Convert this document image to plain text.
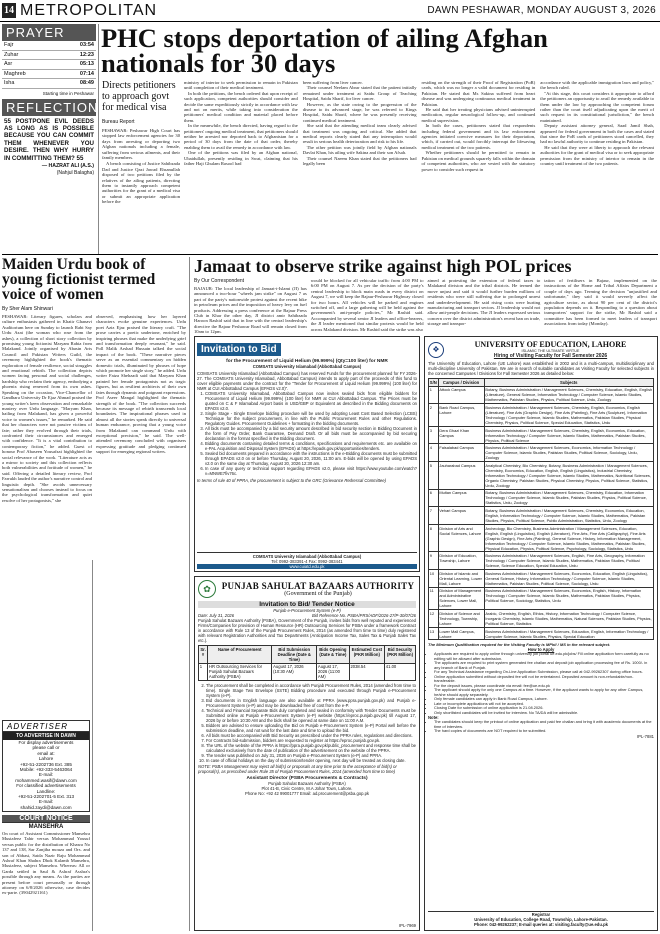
14 METROPOLITAN	DAWN PESHAWAR, MONDAY AUGUST 3, 2026
PRAYER
Fajr	03:54
Zuhar	12:23
Asr	05:13
Maghreb	07:14
Isha	08:49
Starting time in Peshawar
REFLECTIONS
55 POSTPONE EVIL DEEDS AS LONG AS IS POSSIBLE BECAUSE YOU CAN COMMIT THEM WHENEVER YOU DESIRE. THEN WHY HURRY IN COMMITTING THEM? 55
— HAZRAT ALI (A.S.)
(Nahjul Balagha)
PHC stops deportation of ailing Afghan nationals for 30 days
Directs petitioners to approach govt for medical visa
Bureau Report
PESHAWAR: Peshawar High Court has stopped law enforcement agencies for 30 days from arresting or deporting two Afghan nationals including a female, suffering from serious ailments, and their family members.
A bench consisting of Justice Sahibzada Dad and Justice Qazi Jawad Ehsanullah disposed of two petitions filed by the relatives of the ailing patients, directing them to instantly approach competent authorities for the grant of a medical visa or submit an appropriate application before the
ministry of interior to seek permission to remain in Pakistan until completion of their medical treatment.
In both the petitions, the bench ordered that upon receipt of such application, competent authorities should consider and decide the same expeditiously strictly in accordance with law and not on merits, while taking into consideration the petitioners' medical condition and material placed before them.
In the meanwhile, the bench directed, having regard to the petitioners' ongoing medical treatment, that petitioners should neither be arrested nor deported back to Afghanistan for a period of 30 days from the date of that order, thereby enabling them to avail the remedy in accordance with law.
One of the petitions was filed by an Afghan national, Ubaidullah, presently residing in Swat, claiming that his father Haji Ghulam Rasool had
been suffering from liver cancer.
Their counsel Neelam Abrar stated that the patient initially remained under treatment at Saidu Group of Teaching Hospital, Saidu Sharif, for liver cancer.
However, as the state owing to the progression of the disease to its advanced stage, he was referred to Kings Hospital, Saidu Sharif, where he was presently receiving continued medical treatment.
She said that the attending medical team clearly advised that treatment was ongoing and critical. She added that medical reports clearly stated that any interruption would result in serious health deterioration and risk to his life.
The other petition was jointly field by Afghan nationals Davlat Khan, his ailing wife Sakina and their son Afsah.
Their counsel Naeem Khan stated that the petitioners had legally been
residing on the strength of their Proof of Registration (PoR) cards, which was no longer a valid document for residing in Pakistan. He stated that Ms Sakina suffered from heart disease and was undergoing continuous medical treatment in Pakistan.
He said that her treating physicians advised uninterrupted medication, regular neurological follow-up, and continued medical supervision.
In both the cases, petitioners stated that respondents including federal government and its law enforcement agencies initiated coercive measures for their deportation, which, if carried out, would forcibly interrupt the lifesaving medical treatment of the two patients.
Whether petitioners should be permitted to remain in Pakistan on medical grounds squarely falls within the domain of competent authorities, who are vested with the statutory power to consider such request in
accordance with the applicable immigration laws and policy," the bench ruled.
"At this stage, this court considers it appropriate to afford the petitioners an opportunity to avail the remedy available to them under the law by approaching the competent forum rather than the court itself adjudicating upon the merit of such request in its constitutional jurisdiction," the bench maintained.
Deputy assistant attorney general, Saad Jamil Shah, appeared for federal government in both the cases and stated that since the PoR cards of petitioners stood cancelled, they had no lawful authority to continue residing in Pakistan.
He said that they were at liberty to approach the relevant authorities for the grant of medical visa or to seek appropriate permission from the ministry of interior to remain in the country until treatment of the two patients.
Maiden Urdu book of young fictionist termed voice of women
By Sher Alam Shinwari
PESHAWAR: Literary figures, scholars and culture enthusiasts gathered in Khatir Ghanavi Auditorium here on Sunday to launch Rabi Say Urdu Azat (the woman who rose from the ashes), a collection of short story collection by promising young fictionist Maryam Rabia from Malakand. Jointly organised by Abasin Arts Council and Pakistan Writers Guild, the ceremony highlighted the book's thematic exploration of female resilience, social struggles and emotional rebirth. The collection depicts women facing personal and social challenges, hardship who reclaim their agency, embodying a phoenix rising renewed from its own ashes. Speaking on the occasion, Vice-Chancellor of Gandhara University Dr Ejaz Ahmad praised the young writer's keen observation and remarkable mastery over Urdu language. "Maryam Khan, hailing from Malakand, has given a powerful voice to women's issues," he remarked. He said that her characters were not passive victims of fate; rather they evolved through their trials, confronted their circumstances and emerged with confidence. "It is a vital contribution to contemporary fiction," he added. Guest of honour Prof Abaseen Yousafzai highlighted the social relevance of the work. "Literature acts as a mirror to society and this collection reflects both vulnerabilities and fortitude of women," he said. Offering a detailed literary review, Prof Farrukh lauded the author's narrative control and linguistic depth. "She avoids unnecessary sensationalism and chooses instead to focus on the psychological transformation and quiet resolve of her protagonists," she
observed, emphasising how her layered characters evoke genuine experiences. Urdu poet Aziz Ejaz praised the literary craft. "The prose carries a poetic undertone, enriched by inspiring phrases that make the underlying grief and transformation deeply resonant," he said. Poll Malik Arshad Hussain talked the social impact of the book. "These narrative pieces serve as an essential commentary on hidden domestic trials, illuminated by phrases of hope which promote her single story," he added. Urdu writer Faiza Shehzadi said that Maryam Khan painted her female protagonists not as tragic figures, but as resilient architects of their own fates through dynamic and poignant expressions. Prof Aseer Mangal highlighted the thematic strength of the book. "The collection succeeds because its message of rebirth transcends local boundaries. The inspirational phrases used in almost all the stories speak directly to universal human endurance, proving that a young voice from Malakand can command Urdu with exceptional precision," he said. The well-attended ceremony concluded with organisers expressing gratitude and pledging continued support for emerging regional writers.
Jamaat to observe strike against high POL prices
By Our Correspondent
BAJAUR: The local leadership of Jamaat-i-Islami (JI) has announced a two-hour "wheels jam strike" on August 7 as part of the party's nationwide protest against the recent hike in petroleum prices and the imposition of heavy levy on fuel products. Addressing a press conference at the Bajaur Press Club in Khar the other day, JI district amir Sahibzada Haroon Rashid said that in line with the central leadership's directive the Bajaur Peshawar Road will remain closed from 10am to 12pm.
would be blocked for all vehicular traffic from 4:00 PM to 6:00 PM on August 7. As per the decision of the party's central leadership to block main roads in every district on August 7, we will keep the Bajaur-Peshawar Highway closed for two hours. All vehicles will be parked and engines switched off, and a large gathering will be held against the government's anti-people policies," Mr Rashid said. Accompanied by several senior JI leaders and office-bearers, the JI leader mentioned that similar protests would be held across Malakand division. Mr Rashid said the strike was also
aimed at protesting the extension of federal taxes to Malakand division and the tribal districts. He termed the move unjust and said it would further burden millions of residents who were still suffering due to prolonged unrest and underdevelopment. He said rising costs were hurting manufacturing and transport sectors. JI leadership would not allow anti-people decisions. The JI leaders expressed serious concern over the district administration's recent ban on trade, storage and transpor-
tation of fertilisers in Bajaur, implemented on the instructions of the Home and Tribal Affairs Department a couple of days ago. Terming the decision "unjustified and unfortunate," they said it would severely affect the agriculture sector, as about 90 per cent of the district's population depends on it. Responding to a question about transporters' support for the strike, Mr Rashid said a committee has been formed to meet leaders of transport associations from today (Monday).
Invitation to Bid
for the Procurement of Liquid Helium (99.999%) (Qty=100 liter) for NMR
COMSATS University Islamabad (Abbottabad Campus)
COMSATS University Islamabad (Abbottabad Campus) has reserved Funds for the procurement planned for FY 2026-27. The COMSATS University Islamabad, Abbottabad Campus) intends to apply part of the proceeds of this fund to cover eligible payments under the contract for the "Tender for Procurement of Liquid Helium (99.999%) (100 liter) for NMR at CUI Abbottabad Campus (EPADS v2.0)".
1. COMSATS University Islamabad, Abbottabad Campus now invites sealed bids from eligible bidders for Procurement of Liquid Helium (99.999%) (100 liter) for NMR at CUI Abbottabad Campus. The Prices must be quoted on C & F Islamabad Airport basis in USD/GBP or Equivalent as described in the Bidding documents on EPADS v2.0.
2. Single Stage - Single Envelope bidding procedure will be used by adopting Least Cost Based Selection (LCBS) Technique for the subject procurement, in line with the Public Procurement Rules and other Regulations. Regulatory Guides. Procurement Guidelines + formatting in the bidding documents.
3. All bids must be accompanied by a bid security amount described in bid security section in Bidding Document in the form of Pay Order, Bank Guarantee, Demand Draft. Or all bids must be accompanied by bid securing declaration in the format specified in the Bidding document.
4. Bidding documents containing detailed terms & conditions, specifications and requirements etc. are available on e-PAL Acquisition and Disposal System (EPADS) at https://epads.gov.pk/opportunities/tenders.
5. Sealed bid documents prepared in accordance with the instructions in the e-Bidding documents must be submitted through EPADS v2.0 on or before Thursday, August 20, 2026, 11:00 am. E-bids will be opened by using EPADS v2.0 on the same day at Thursday, August 20, 2026 12:30 am.
6. In case of any query or technical support regarding EPADS v2.0, please visit https://www.youtube.com/watch?v=MNWE7fiv76c.
In terms of rule 40 of PPRA, the procurement is subject to the GRC (Grievance Redressal Committee)
COMSATS University Islamabad (Abbottabad Campus)
Tel: 0992-383391-4 Fax: 0992-383441
www.cuiatd.edu.pk
✿	PUNJAB SAHULAT BAZAARS AUTHORITY
(Government of the Punjab)
Invitation to Bid/ Tender Notice
Punjab e-Procurement System (e-P)
Date: July 31, 2026	Bid Reference No. PSBA/PRS/ADF/2026-27/P-30/07/26
Punjab Sahulat Bazaars Authority (PSBA), Government of the Punjab, invites bids from well reputed and experienced Firms/Companies for provision of Human Resource (HR) Outsourcing Services for PSBA under a framework Contract in accordance with Rule 13 of the Punjab Procurement Rules, 2014 (as amended from time to time) duly registered with relevant Registration Authorities and Tax Departments (Anticipation Income Tax, Sales Tax & Punjab Sales Tax etc.).
Sr. #	Name of Procurement	Bid Submission Deadline (Date & Time)	Bids Opening (Date & Time)	Estimated Cost (PKR Million)	Bid Security (PKR Million)
1	HR Outsourcing Services for Punjab Sahulat Bazaars Authority (PSBA)	August 17, 2026 (10:30 AM)	August 17, 2026 (11:00 AM)	2038.54	41.00
2. The procurement shall be completed in accordance with Punjab Procurement Rules, 2014 (amended from time to time). Single Stage Two Envelope (SSTE) Bidding procedure and executed through Punjab e-Procurement System (e-P).
3. Bid documents in English language are also available at PPRA (www.ppra.punjab.gov.pk) and Punjab e-Procurement System (e-P) and may be downloaded free of cost from the e-P.
4. Technical and Financial Separate Bids duly completed and sealed in conformity with Tender Documents must be Submitted online at Punjab e-Procurement System (e-P) website (https://eproc.punjab.gov.pk) till August 17, 2026 by or before 10:30 AM and the bids shall be opened at same date on 11:00 A.M.
5. Bidders are advised to ensure uploading the Bid on Punjab e-Procurement System (e-P) Portal well before the submission deadline, and not wait for the last date and time to upload the bid.
6. All bids must be accompanied with Bid Security as prescribed under the PPRA rules, regulations and directions.
7. For Contracts bid-submission, bidders are requested to register at https://eproc.punjab.gov.pk.
8. The URL of the website of the PPRA is https://ppra.punjab.gov.pk/public_procurement and response time shall be calculated exclusively from the date of publication of the advertisement on the website of the PPRA.
9. The tender was published on July 31, 2026 on Punjab e-Procurement System (e-P) and PPRA.
10. In case of official holidays on the day of submission/tender opening, next day will be treated as closing date.
NOTE: PSBA Management may reject all bid(s) or proposals at any time prior to the acceptance of bid(s) or proposal(s), as prescribed under Rule 35 of Punjab Procurement Rules, 2014 (amended from time to time)
Assistant Director (PSBA Procurements & Contracts)
Punjab Sahulat Bazaars Authority (PSBA)
Plot 41-B, Civic Centre, M.A Johar Town, Lahore.
Phone No: +92 42 99001777 Email: ad.procurement@psba.gop.pk
IPL-7969
❖
UNIVERSITY OF EDUCATION, LAHORE
ISLAMIC THE ULTIMATE VIRTUE
Hiring of Visiting Faculty for Fall Semester 2026
The University of Education, Lahore (UE Lahore) was established in 2002 and is a multi-campus, multidisciplinary and multi-discipline University of Pakistan. We are in search of suitable candidates as Visiting Faculty for selected subjects in the concerned Campuses / Divisions for Fall Semester 2026 as detailed below:
S/N	Campus / Division	Subjects
1	Attock Campus	Botany, Business Administration / Management Sciences, Chemistry, Education, English, English (Literature), General Science, Information Technology / Computer Science, Islamic Studies, Mathematics, Pakistan Studies, Physics, Political Science, Urdu, Zoology
2	Bank Road Campus, Lahore	Business Administration / Management Sciences, Chemistry, English, Economics, English (Literature), Fine Arts (Graphic Design), Fine Arts (Painting), Fine Arts (Sculpture), Information Technology / Computer Science, Islamic Studies, Mathematics, Pakistan Studies, Physical Chemistry, Physics, Political Science, Special Education, Statistics, Urdu
3	Dera Ghazi Khan Campus	Business Administration / Management Sciences, Chemistry, English, Economics, Education, Information Technology / Computer Science, Islamic Studies, Mathematics, Pakistan Studies, Physics, Political Science
4	Faisalabad Campus	Business Administration / Management Sciences, Economics, Information Technology / Computer Science, Islamic Studies, Pakistan Studies, Political Science, Sociology, Urdu, Zoology
5	Jauharabad Campus	Analytical Chemistry, Bio Chemistry, Botany, Business Administration / Management Sciences, Chemistry, Economics, Education, English, English (Linguistics), Industrial Chemistry, Information Technology / Computer Science, Islamic Studies, Mathematics, Nutritional Sciences, Organic Chemistry, Pakistan Studies, Physical Chemistry, Physics, Political Science, Statistics, Urdu, Zoology
6	Multan Campus	Botany, Business Administration / Management Sciences, Chemistry, Education, Information Technology / Computer Science, Islamic Studies, Pakistan Studies, Physics, Political Science, Statistics, Urdu, Zoology
7	Vehari Campus	Botany, Business Administration / Management Sciences, Chemistry, Economics, Education, English, Information Technology / Computer Science, Islamic Studies, Mathematics, Pakistan Studies, Physics, Political Science, Public Administration, Statistics, Urdu, Zoology
8	Division of Arts and Social Sciences, Lahore	Archeology, Bio Chemistry, Business Administration / Management Sciences, Education, English, English (Linguistics), English (Literature), Fine Arts, Fine Arts (Calligraphy), Fine Arts (Graphic Design), Fine Arts (Painting), General Science, History, Information Management, Information Technology / Computer Science, Islamic Studies, Mathematics, Pakistan Studies, Physical Education, Physics, Political Science, Psychology, Sociology, Statistics, Urdu
9	Division of Education, Township, Lahore	Business Administration / Management Sciences, English, Fine Arts, Geography, Information Technology / Computer Science, Islamic Studies, Mathematics, Pakistan Studies, Political Science, Science Education, Special Education, Urdu
10	Division of Islamic and Oriental Learning, Lower Mall, Lahore	Business Administration / Management Sciences, Economics, Education, English (Linguistics), General Science, History, Information Technology / Computer Science, Islamic Studies, Mathematics, Pakistan Studies, Political Science, Sociology, Urdu
11	Division of Management and Administrative Sciences, Lower Mall, Lahore	Business Administration / Management Sciences, Economics, English, History, Information Technology / Computer Science, Islamic Studies, Mathematics, Pakistan Studies, Physics, Political Science, Sociology, Statistics, Urdu
12	Division of Science and Technology, Township, Lahore	Arabic, Chemistry, English, Ethics, History, Information Technology / Computer Science, Inorganic Chemistry, Islamic Studies, Mathematics, Natural Sciences, Pakistan Studies, Physics, Political Science, Statistics
13	Lower Mall Campus, Lahore	Business Administration / Management Sciences, Education, English, Information Technology / Computer Science, Islamic Studies, Physics, Special Education
The Minimum Qualification required for the Visiting Faculty is MPhil / MS in the relevant subject.
How to Apply
• Applicants are required to apply online through university job portal ue.edu.pk/jobs/ Fill online application form carefully as no editing will be allowed after submission.
• The applicants are required to print system generated fee challan and deposit job application processing fee of Rs. 1000/- in any branch of Bank of Punjab.
• For any Technical Assistance regarding On-Line Application Submission, please call at 042-99262307 during office hours.
• Online application submitted without deposited fee will not be entertained. Deposited amount is non-refundable/non-transferable.
• For the deposit issues, please coordinate via email: fee@ue.edu.pk
• The applicant should apply for only one Campus at a time. However, if the applicant wants to apply for any other Campus, he/she should apply separately.
• Only female candidates can apply in Bank Road Campus, Lahore.
• Late or incomplete applications will not be accepted.
• Closing Date for submission of online application is 21.08.2026.
• Only shortlisted candidates will be invited for interview. No TA/DA will be admissible.
Note:
• The candidates should keep the printout of online application and paid fee challan and bring it with academic documents at the time of interview.
• The hard copies of documents are NOT required to be submitted.
IPL-7881
Registrar
University of Education, College Road, Township, Lahore-Pakistan.
Phone: 042-99262237; E-mail queries at: visiting.faculty@ue.edu.pk
ADVERTISER
TO ADVERTISE IN DAWN
For display advertisements
please call or
email at:
Lahore
+92-51-2202736 Ext. 385
Mobile: +92-333-5463064
E-mail:
mohammed.wasif@dawn.com
For classified advertisements
Landline:
+92-51-2202701-5 Ext. 313
E-mail:
shahid.zaydi@dawn.com
COURT NOTICE
MANSEHRA
On court of Assistant Commissioner Mansehra Mustafeez Tahir versus Mohammad Yousuf versus public for the distribution of Khasra No 137 and 138, Sar Zanjiba mouza and Ors. and son of Abbasi, Saida Nazir Raju Mohammad Ashraf Khan Shahra Dhok Kalamb Mansehra, Mustafeez, subject Mansehra. Whereas: All or Garda settled in Saul & Ashraf Asshra's possible through any means. As the parties are present before court personally or through attorney on 6/8/2026 otherwise, case decides ex-parte. (39042921161)
